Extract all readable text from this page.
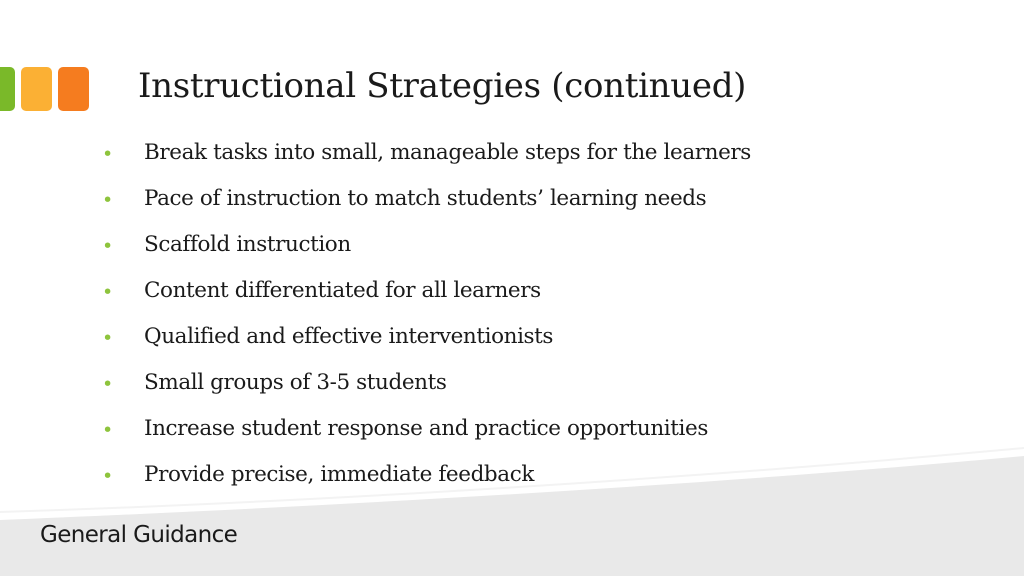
Instructional Strategies (continued)
• Break tasks into small, manageable steps for the learners
• Pace of instruction to match students’ learning needs
• Scaffold instruction
• Content differentiated for all learners
• Qualified and effective interventionists
• Small groups of 3-5 students
• Increase student response and practice opportunities
• Provide precise, immediate feedback
General Guidance
